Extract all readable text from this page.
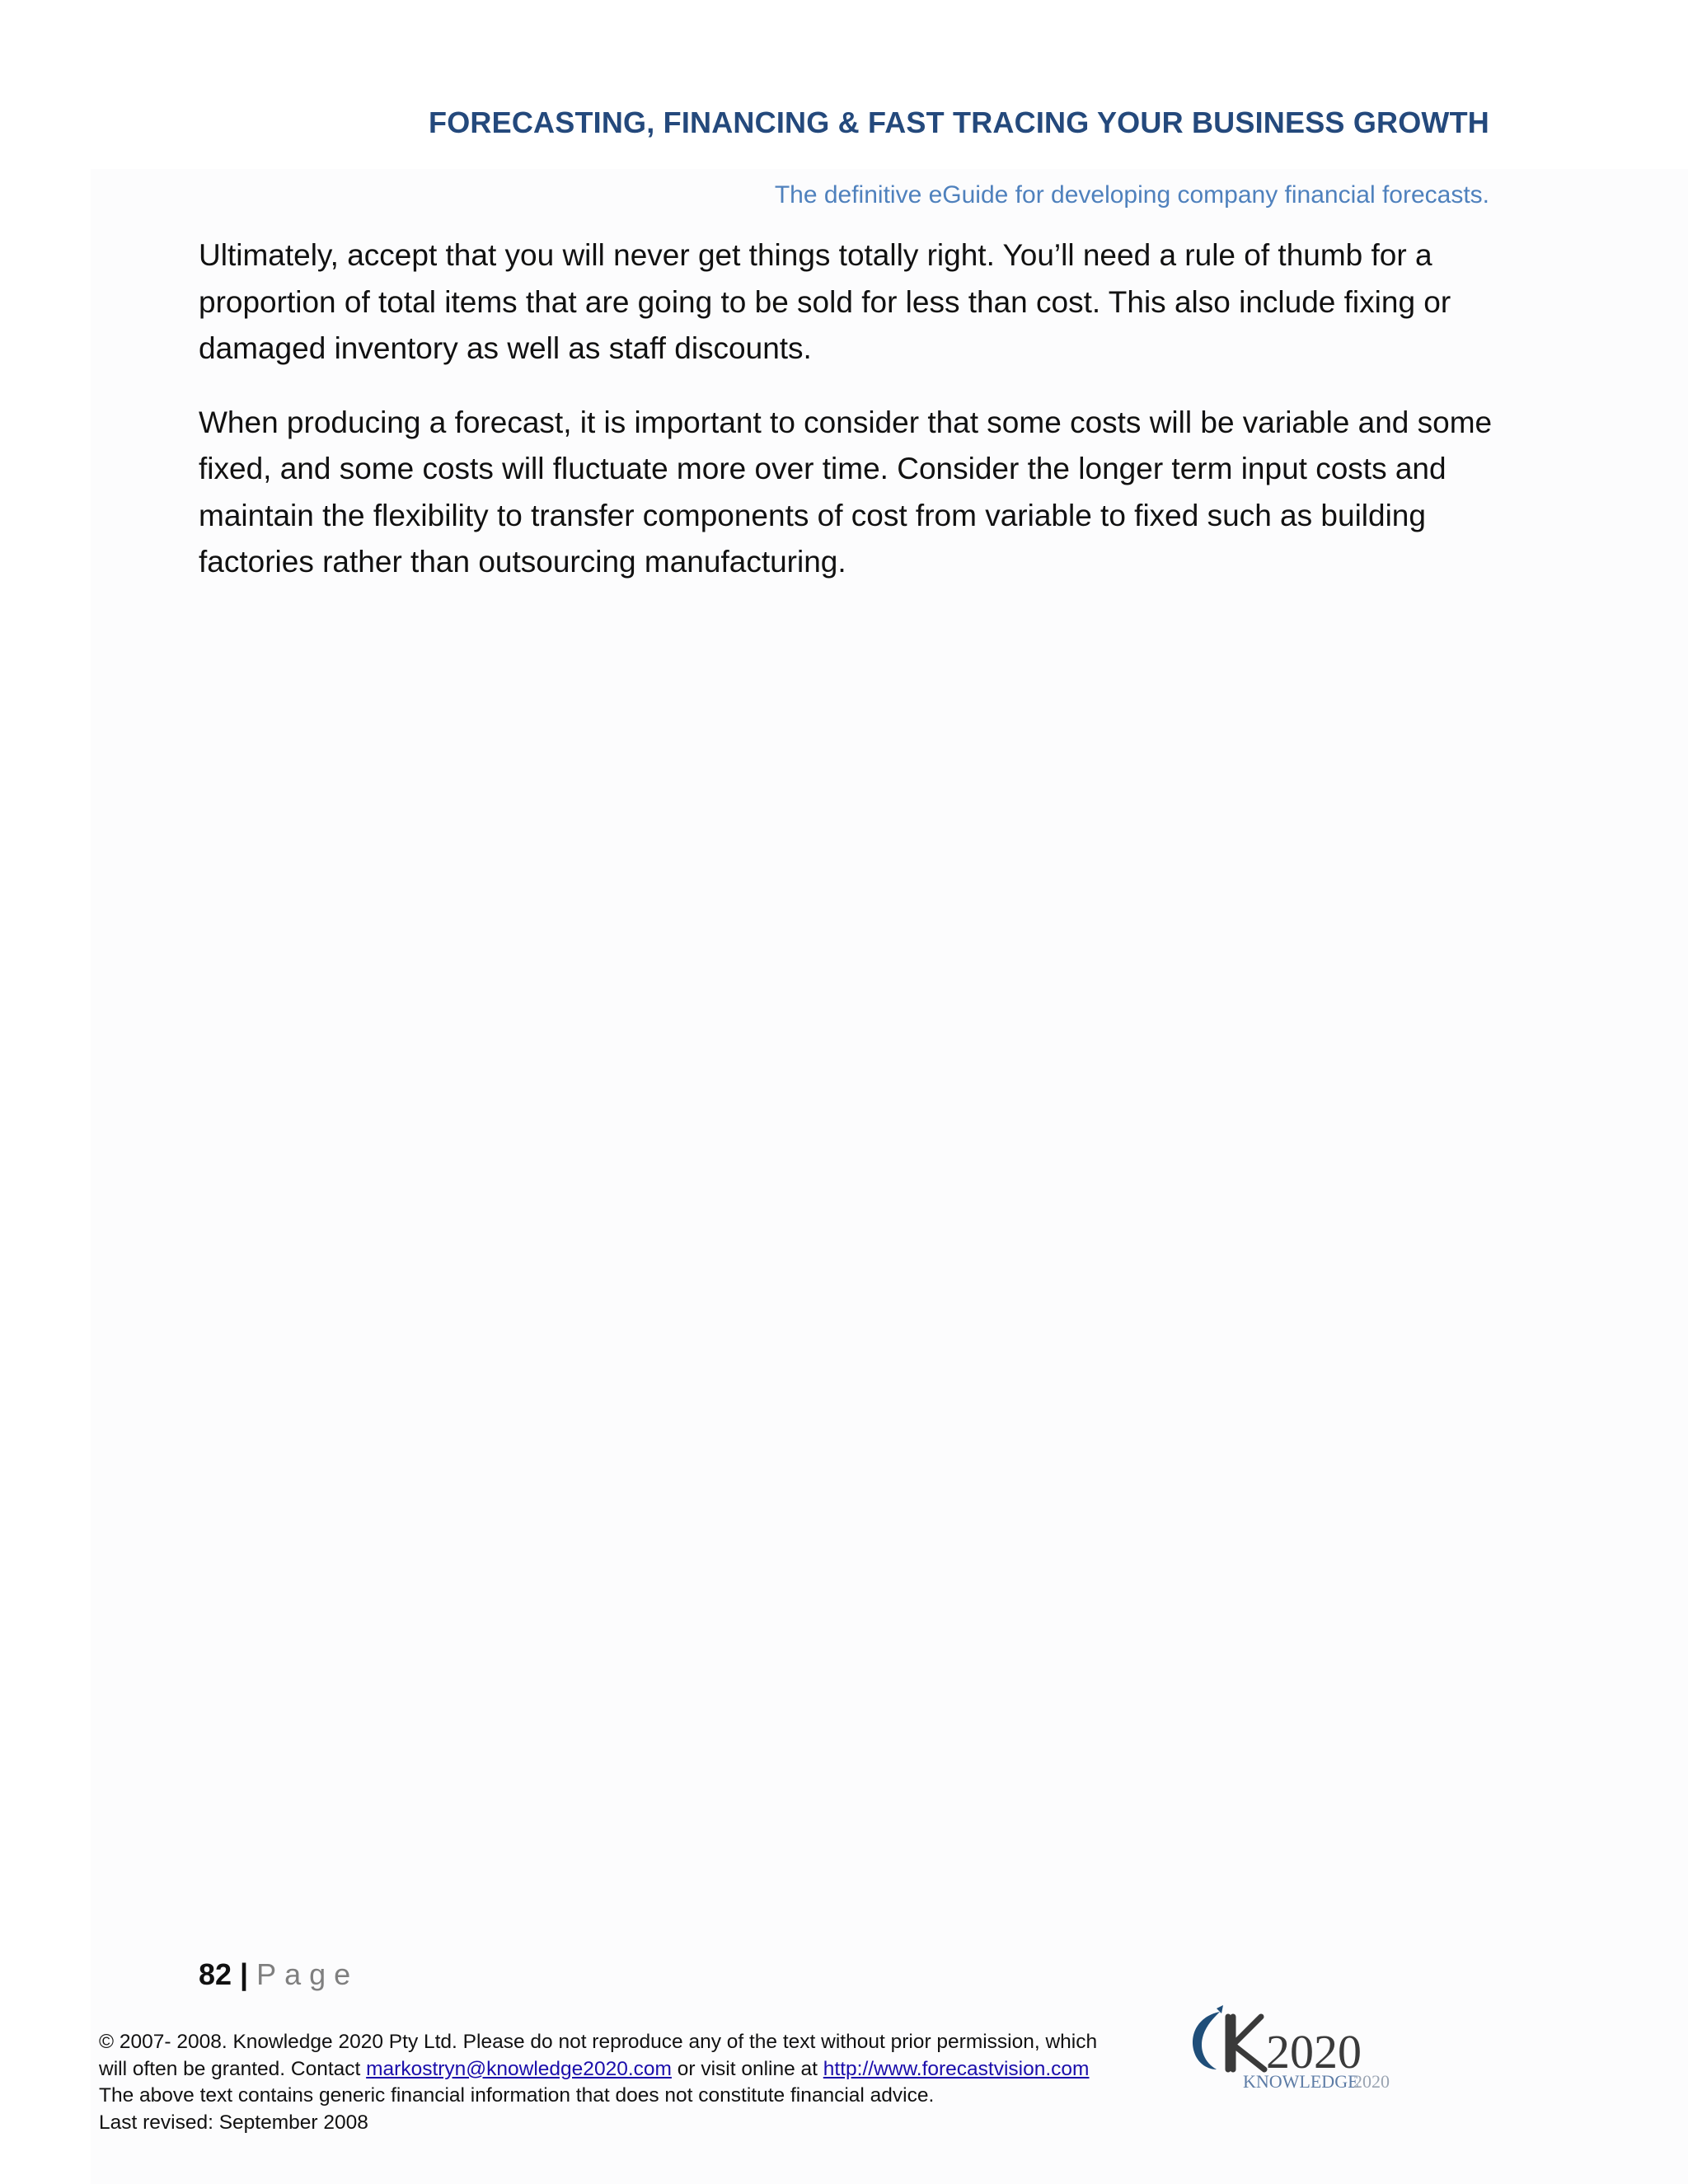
FORECASTING, FINANCING & FAST TRACING YOUR BUSINESS GROWTH
The definitive eGuide for developing company financial forecasts.

Ultimately, accept that you will never get things totally right. You’ll need a rule of thumb for a proportion of total items that are going to be sold for less than cost. This also include fixing or damaged inventory as well as staff discounts.

When producing a forecast, it is important to consider that some costs will be variable and some fixed, and some costs will fluctuate more over time. Consider the longer term input costs and maintain the flexibility to transfer components of cost from variable to fixed such as building factories rather than outsourcing manufacturing.

82 | Page
© 2007- 2008. Knowledge 2020 Pty Ltd. Please do not reproduce any of the text without prior permission, which
will often be granted. Contact markostryn@knowledge2020.com or visit online at http://www.forecastvision.com
The above text contains generic financial information that does not constitute financial advice.
Last revised: September 2008
2020
KNOWLEDGE
2020
